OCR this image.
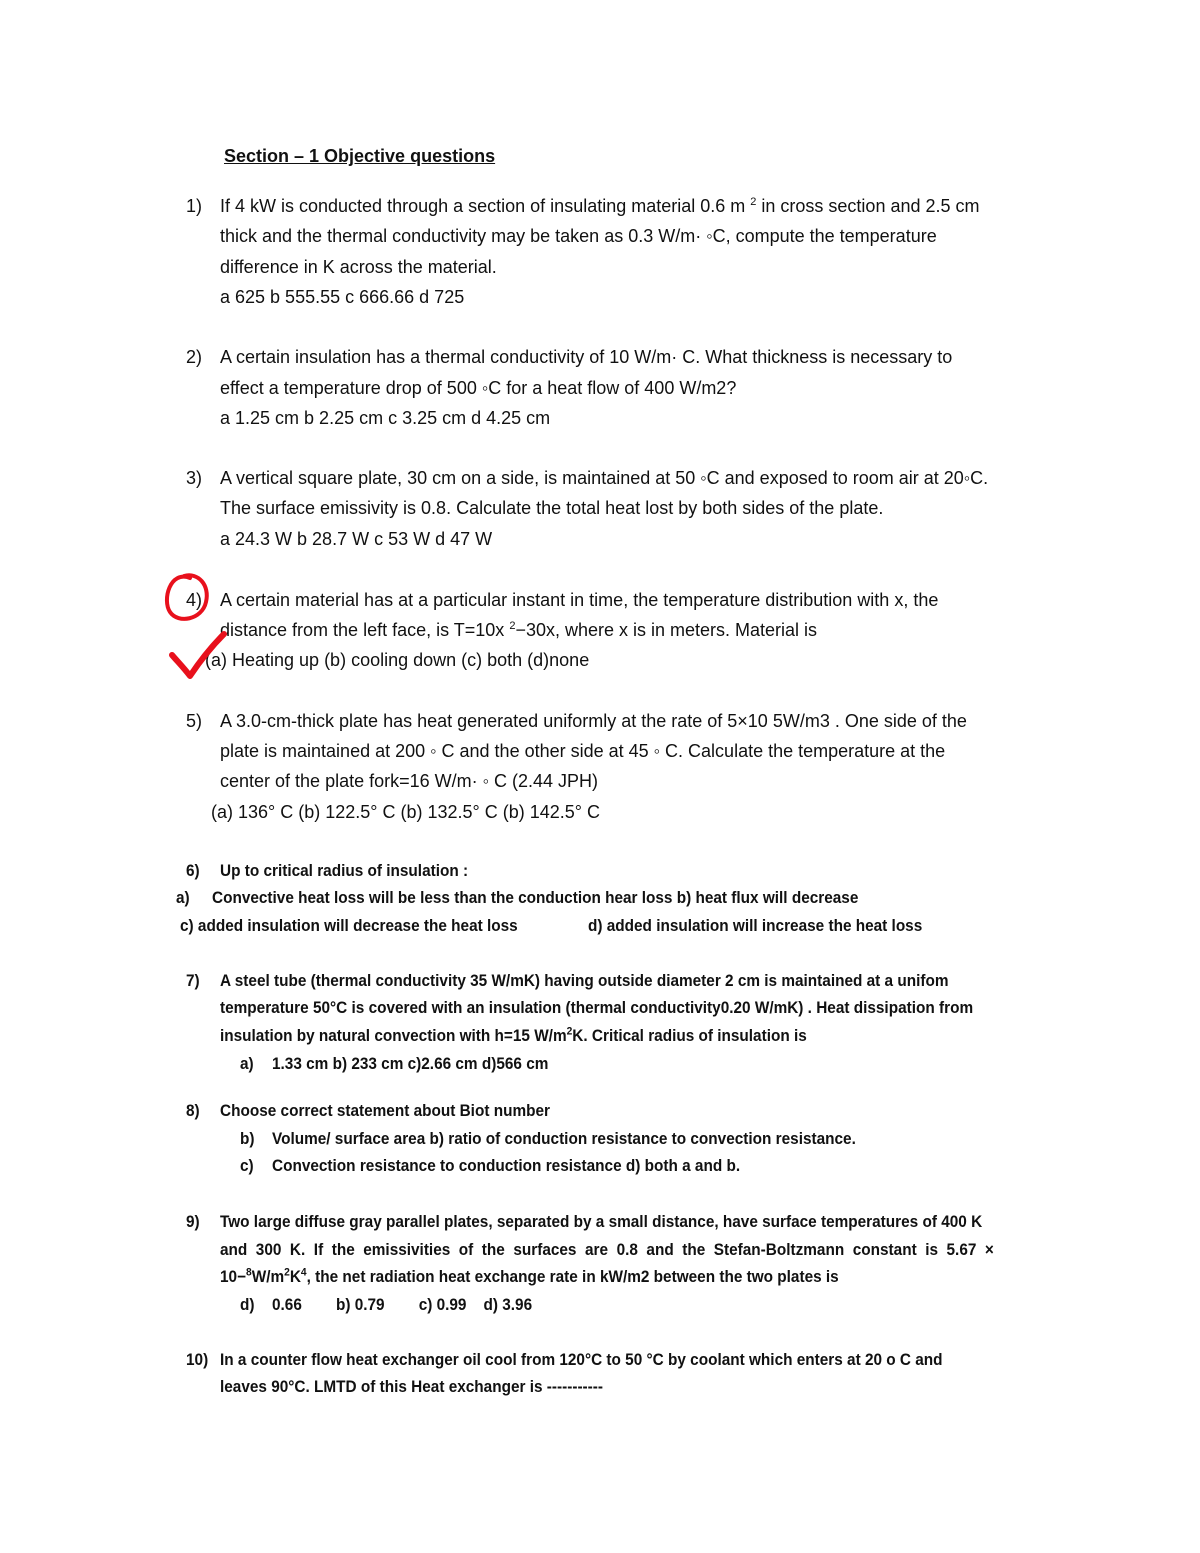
Section – 1 Objective questions
1) If 4 kW is conducted through a section of insulating material 0.6 m $^2$ in cross section and 2.5 cm
thick and the thermal conductivity may be taken as 0.3 W/m· ◦C, compute the temperature
difference in K across the material.
a 625 b 555.55 c 666.66 d 725
2) A certain insulation has a thermal conductivity of 10 W/m· C. What thickness is necessary to
effect a temperature drop of 500 ◦C for a heat flow of 400 W/m2?
a 1.25 cm b 2.25 cm c 3.25 cm d 4.25 cm
3) A vertical square plate, 30 cm on a side, is maintained at 50 ◦C and exposed to room air at 20◦C.
The surface emissivity is 0.8. Calculate the total heat lost by both sides of the plate.
a 24.3 W b 28.7 W c 53 W d 47 W
4) A certain material has at a particular instant in time, the temperature distribution with x, the
distance from the left face, is T=10x $^2$−30x, where x is in meters. Material is
(a) Heating up (b) cooling down (c) both (d)none
5) A 3.0-cm-thick plate has heat generated uniformly at the rate of 5×10 5W/m3 . One side of the
plate is maintained at 200 ◦ C and the other side at 45 ◦ C. Calculate the temperature at the
center of the plate fork=16 W/m· ◦ C (2.44 JPH)
(a) 136° C (b) 122.5° C (b) 132.5° C (b) 142.5° C
6) Up to critical radius of insulation :
a) Convective heat loss will be less than the conduction hear loss b) heat flux will decrease
c) added insulation will decrease the heat loss	d) added insulation will increase the heat loss
7) A steel tube (thermal conductivity 35 W/mK) having outside diameter 2 cm is maintained at a unifom
temperature 50°C is covered with an insulation (thermal conductivity0.20 W/mK) . Heat dissipation from
insulation by natural convection with h=15 $W/m^2K$. Critical radius of insulation is
a) 1.33 cm b) 233 cm c)2.66 cm d)566 cm
8) Choose correct statement about Biot number
b) Volume/ surface area b) ratio of conduction resistance to convection resistance.
c) Convection resistance to conduction resistance d) both a and b.
9) Two large diffuse gray parallel plates, separated by a small distance, have surface temperatures of 400 K
and  300  K.  If  the  emissivities  of  the  surfaces  are  0.8  and  the  Stefan-Boltzmann  constant  is  5.67  ×
$10-^8W/m^2K^4$, the net radiation heat exchange rate in kW/m2 between the two plates is
d) 0.66        b) 0.79        c) 0.99    d) 3.96
10) In a counter flow heat exchanger oil cool from 120°C to 50 °C by coolant which enters at 20 o C and
leaves 90°C. LMTD of this Heat exchanger is -----------
